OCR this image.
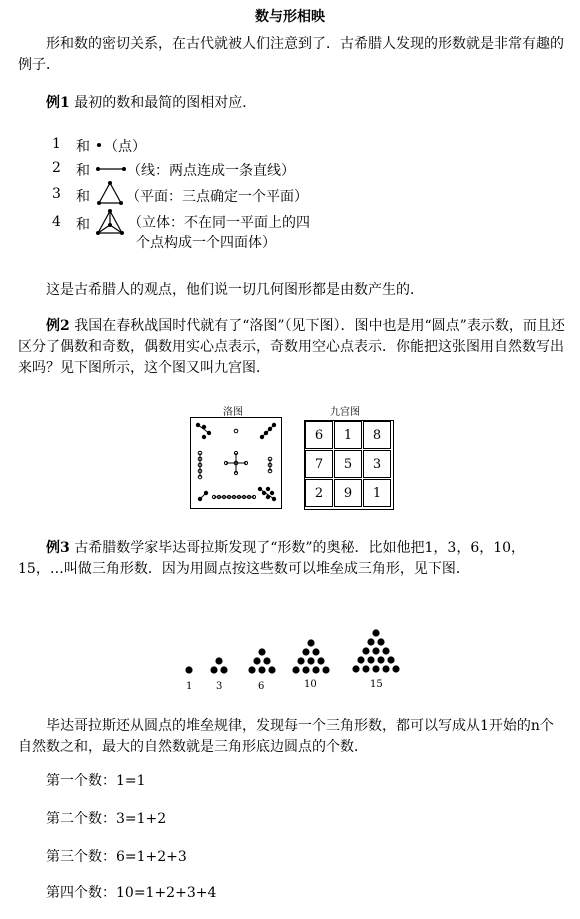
数与形相映
形和数的密切关系，在古代就被人们注意到了．古希腊人发现的形数就是非常有趣的例子．
例1 最初的数和最简的图相对应．
1 和 （点）
2 和	（线：两点连成一条直线）
3 和	（平面：三点确定一个平面）
4 和	（立体：不在同一平面上的四
个点构成一个四面体）
这是古希腊人的观点，他们说一切几何图形都是由数产生的．
例2 我国在春秋战国时代就有了“洛图”（见下图）．图中也是用“圆点”表示数，而且还区分了偶数和奇数，偶数用实心点表示，奇数用空心点表示．你能把这张图用自然数写出来吗？见下图所示，这个图又叫九宫图．
洛图	九宫图
6	1	8
7	5	3
2	9	1
例3 古希腊数学家毕达哥拉斯发现了“形数”的奥秘．比如他把1，3，6，10，15，…叫做三角形数．因为用圆点按这些数可以堆垒成三角形，见下图．
1 3	6	10	15
毕达哥拉斯还从圆点的堆垒规律，发现每一个三角形数，都可以写成从1开始的n个自然数之和，最大的自然数就是三角形底边圆点的个数．
第一个数：1=1
第二个数：3=1+2
第三个数：6=1+2+3
第四个数：10=1+2+3+4
